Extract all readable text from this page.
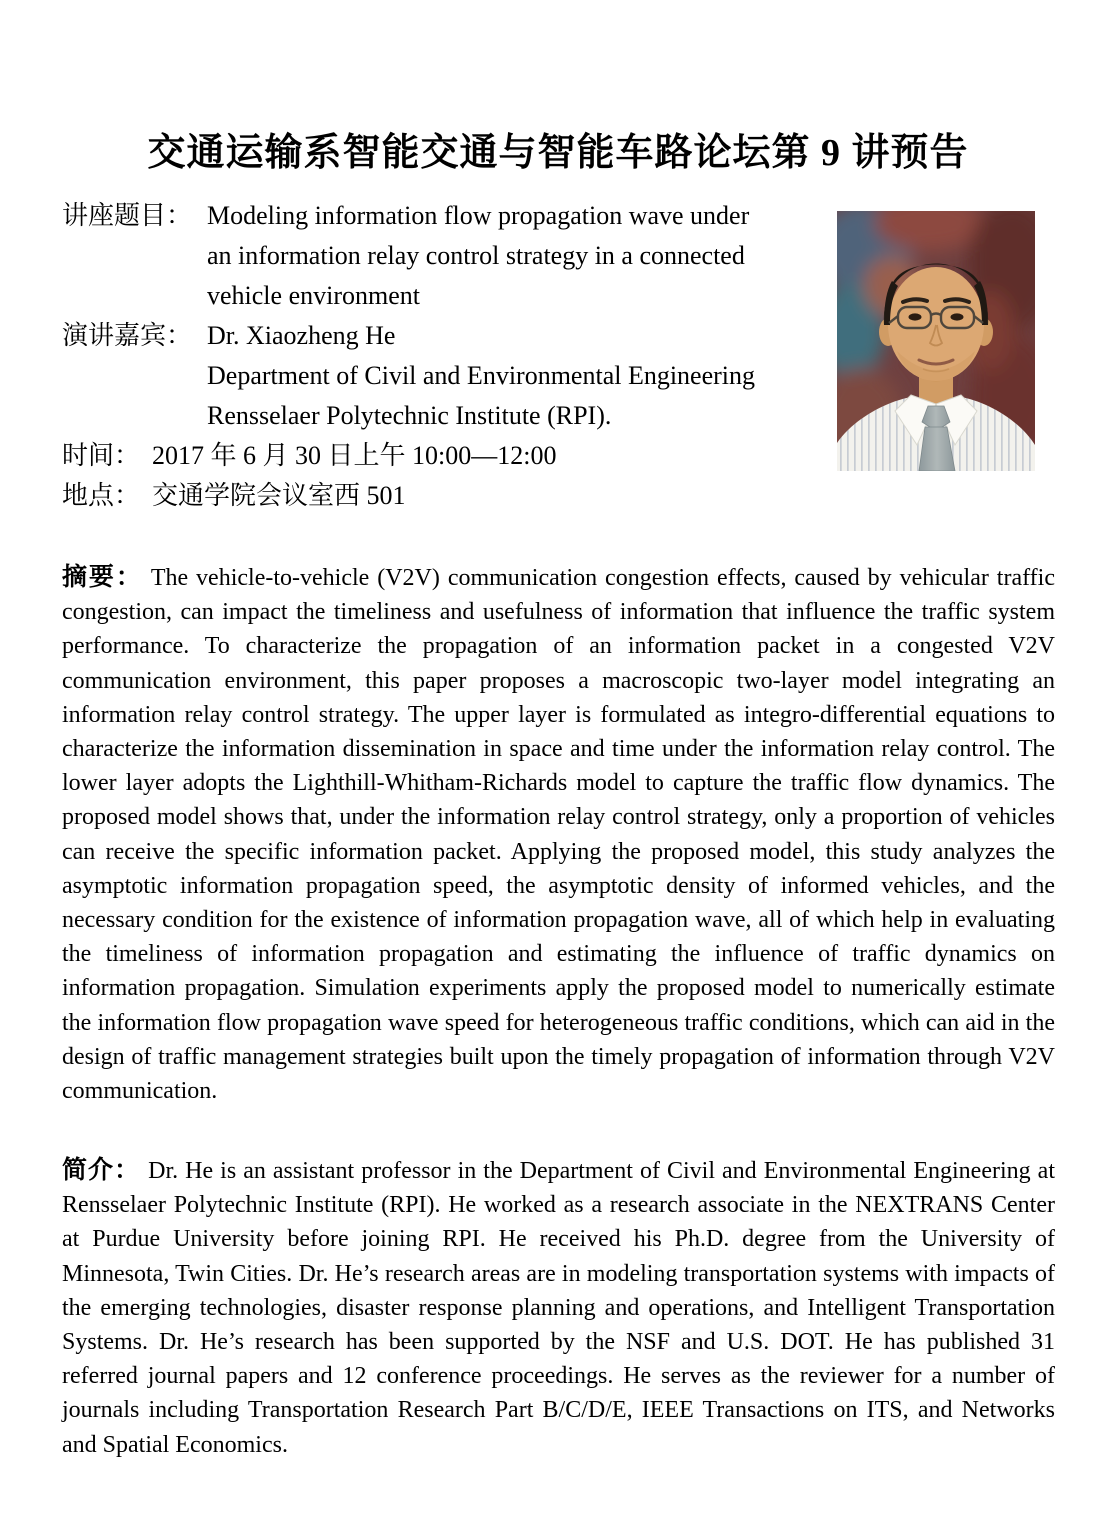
交通运输系智能交通与智能车路论坛第 9 讲预告
讲座题目： Modeling information flow propagation wave under
an information relay control strategy in a connected
vehicle environment
演讲嘉宾： Dr. Xiaozheng He
Department of Civil and Environmental Engineering
Rensselaer Polytechnic Institute (RPI).
时间： 2017 年 6 月 30 日上午 10:00—12:00
地点： 交通学院会议室西 501

摘要： The vehicle-to-vehicle (V2V) communication congestion effects, caused by vehicular traffic congestion, can impact the timeliness and usefulness of information that influence the traffic system performance. To characterize the propagation of an information packet in a congested V2V communication environment, this paper proposes a macroscopic two-layer model integrating an information relay control strategy. The upper layer is formulated as integro-differential equations to characterize the information dissemination in space and time under the information relay control. The lower layer adopts the Lighthill-Whitham-Richards model to capture the traffic flow dynamics. The proposed model shows that, under the information relay control strategy, only a proportion of vehicles can receive the specific information packet. Applying the proposed model, this study analyzes the asymptotic information propagation speed, the asymptotic density of informed vehicles, and the necessary condition for the existence of information propagation wave, all of which help in evaluating the timeliness of information propagation and estimating the influence of traffic dynamics on information propagation. Simulation experiments apply the proposed model to numerically estimate the information flow propagation wave speed for heterogeneous traffic conditions, which can aid in the design of traffic management strategies built upon the timely propagation of information through V2V communication.

简介： Dr. He is an assistant professor in the Department of Civil and Environmental Engineering at Rensselaer Polytechnic Institute (RPI). He worked as a research associate in the NEXTRANS Center at Purdue University before joining RPI. He received his Ph.D. degree from the University of Minnesota, Twin Cities. Dr. He’s research areas are in modeling transportation systems with impacts of the emerging technologies, disaster response planning and operations, and Intelligent Transportation Systems. Dr. He’s research has been supported by the NSF and U.S. DOT. He has published 31 referred journal papers and 12 conference proceedings. He serves as the reviewer for a number of journals including Transportation Research Part B/C/D/E, IEEE Transactions on ITS, and Networks and Spatial Economics.
